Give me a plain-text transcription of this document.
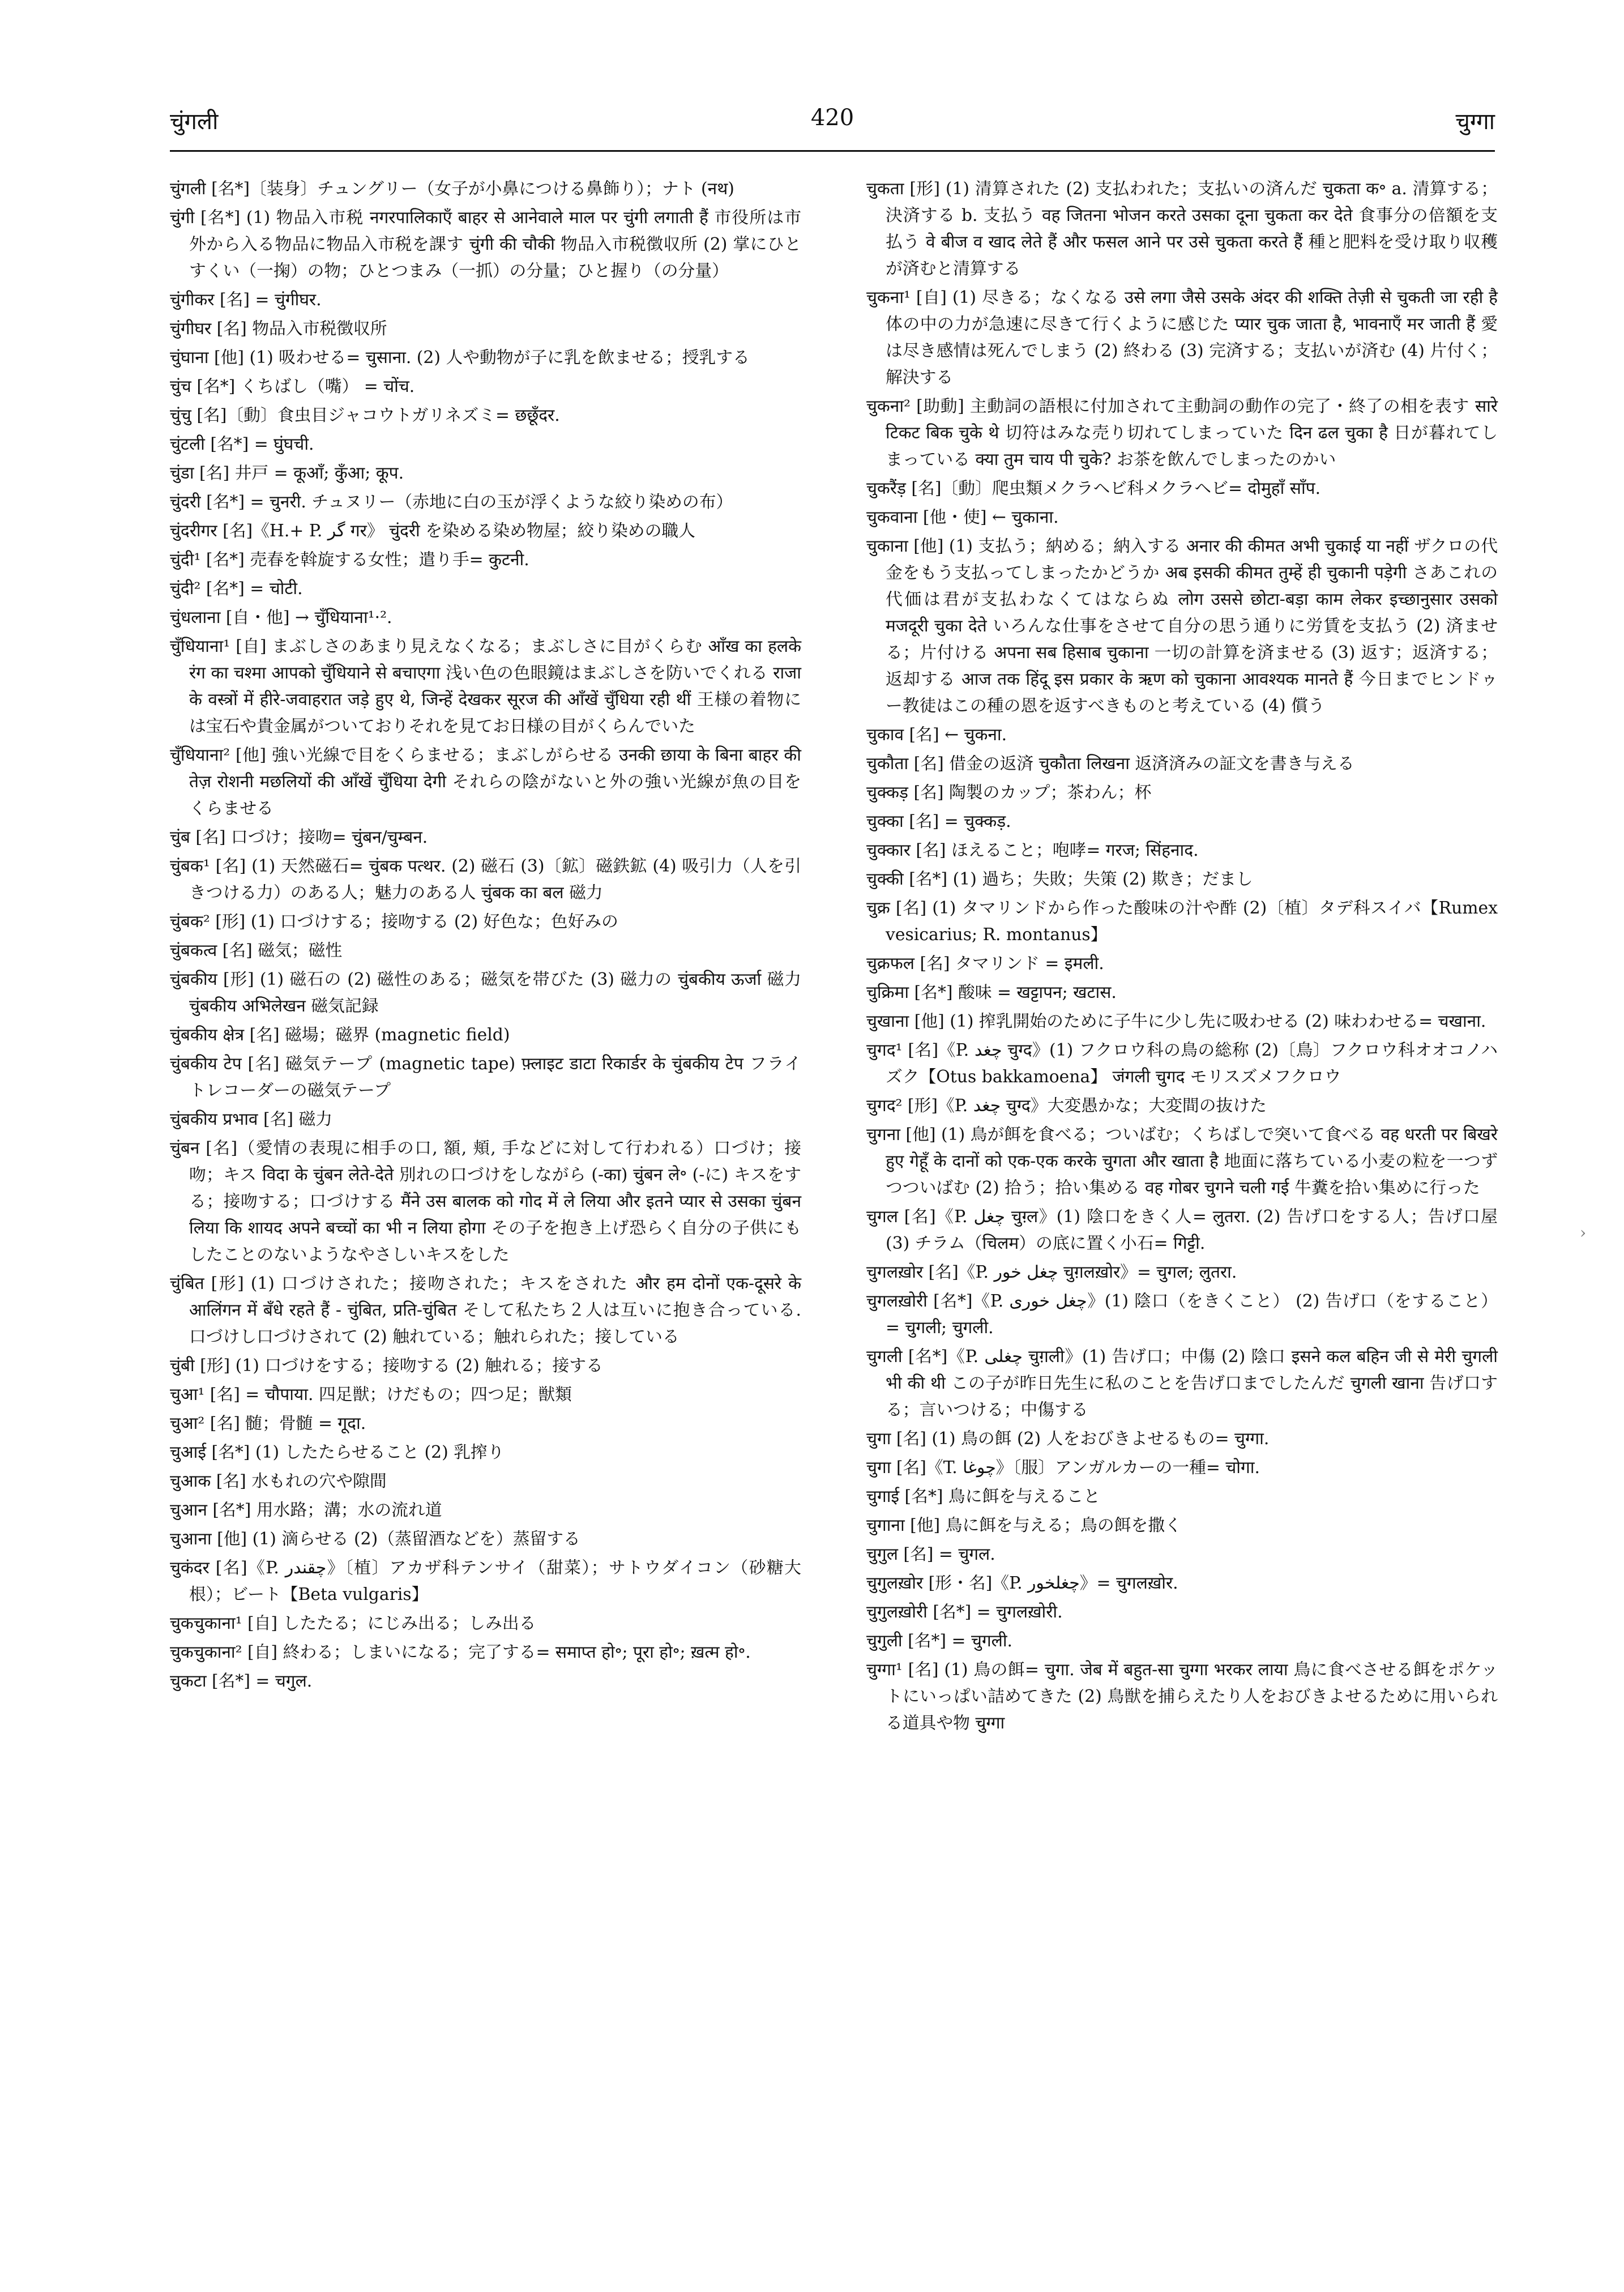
चुंगली	420	चुग्गा

चुंगली [名*]〔装身〕チュングリー（女子が小鼻につける鼻飾り）；ナト (नथ)

चुंगी [名*] (1) 物品入市税 नगरपालिकाएँ बाहर से आनेवाले माल पर चुंगी लगाती हैं 市役所は市外から入る物品に物品入市税を課す चुंगी की चौकी 物品入市税徴収所 (2) 掌にひとすくい（一掬）の物；ひとつまみ（一抓）の分量；ひと握り（の分量）

चुंगीकर [名] = चुंगीघर.

चुंगीघर [名] 物品入市税徴収所

चुंघाना [他] (1) 吸わせる= चुसाना. (2) 人や動物が子に乳を飲ませる；授乳する

चुंच [名*] くちばし（嘴） = चोंच.

चुंचु [名]〔動〕食虫目ジャコウトガリネズミ= छछूँदर.

चुंटली [名*] = घुंघची.

चुंडा [名] 井戸 = कूआँ; कुँआ; कूप.

चुंदरी [名*] = चुनरी. チュヌリー（赤地に白の玉が浮くような絞り染めの布）

चुंदरीगर [名]《H.+ P. گر गर》 चुंदरी を染める染め物屋；絞り染めの職人

चुंदी¹ [名*] 売春を斡旋する女性；遣り手= कुटनी.

चुंदी² [名*] = चोटी.

चुंधलाना [自・他] → चुँधियाना¹·².

चुँधियाना¹ [自] まぶしさのあまり見えなくなる；まぶしさに目がくらむ आँख का हलके रंग का चश्मा आपको चुँधियाने से बचाएगा 浅い色の色眼鏡はまぶしさを防いでくれる राजा के वस्त्रों में हीरे-जवाहरात जड़े हुए थे, जिन्हें देखकर सूरज की आँखें चुँधिया रही थीं 王様の着物には宝石や貴金属がついておりそれを見てお日様の目がくらんでいた

चुँधियाना² [他] 強い光線で目をくらませる；まぶしがらせる उनकी छाया के बिना बाहर की तेज़ रोशनी मछलियों की आँखें चुँधिया देगी それらの陰がないと外の強い光線が魚の目をくらませる

चुंब [名] 口づけ；接吻= चुंबन/चुम्बन.

चुंबक¹ [名] (1) 天然磁石= चुंबक पत्थर. (2) 磁石 (3)〔鉱〕磁鉄鉱 (4) 吸引力（人を引きつける力）のある人；魅力のある人 चुंबक का बल 磁力

चुंबक² [形] (1) 口づけする；接吻する (2) 好色な；色好みの

चुंबकत्व [名] 磁気；磁性

चुंबकीय [形] (1) 磁石の (2) 磁性のある；磁気を帯びた (3) 磁力の चुंबकीय ऊर्जा 磁力 चुंबकीय अभिलेखन 磁気記録

चुंबकीय क्षेत्र [名] 磁場；磁界 (magnetic field)

चुंबकीय टेप [名] 磁気テープ (magnetic tape) फ़्लाइट डाटा रिकार्डर के चुंबकीय टेप フライトレコーダーの磁気テープ

चुंबकीय प्रभाव [名] 磁力

चुंबन [名]（愛情の表現に相手の口, 額, 頬, 手などに対して行われる）口づけ；接吻；キス विदा के चुंबन लेते-देते 別れの口づけをしながら (-का) चुंबन ले॰ (-に) キスをする；接吻する；口づけする मैंने उस बालक को गोद में ले लिया और इतने प्यार से उसका चुंबन लिया कि शायद अपने बच्चों का भी न लिया होगा その子を抱き上げ恐らく自分の子供にもしたことのないようなやさしいキスをした

चुंबित [形] (1) 口づけされた；接吻された；キスをされた और हम दोनों एक-दूसरे के आलिंगन में बँधे रहते हैं - चुंबित, प्रति-चुंबित そして私たち２人は互いに抱き合っている. 口づけし口づけされて (2) 触れている；触れられた；接している

चुंबी [形] (1) 口づけをする；接吻する (2) 触れる；接する

चुआ¹ [名] = चौपाया. 四足獣；けだもの；四つ足；獣類

चुआ² [名] 髄；骨髄 = गूदा.

चुआई [名*] (1) したたらせること (2) 乳搾り

चुआक [名] 水もれの穴や隙間

चुआन [名*] 用水路；溝；水の流れ道

चुआना [他] (1) 滴らせる (2)（蒸留酒などを）蒸留する

चुकंदर [名]《P. چقندر》〔植〕アカザ科テンサイ（甜菜）；サトウダイコン（砂糖大根）；ビート【Beta vulgaris】

चुकचुकाना¹ [自] したたる；にじみ出る；しみ出る

चुकचुकाना² [自] 終わる；しまいになる；完了する= समाप्त हो॰; पूरा हो॰; ख़त्म हो॰.

चुकटा [名*] = चगुल.

चुकता [形] (1) 清算された (2) 支払われた；支払いの済んだ चुकता क॰ a. 清算する；決済する b. 支払う वह जितना भोजन करते उसका दूना चुकता कर देते 食事分の倍額を支払う वे बीज व खाद लेते हैं और फसल आने पर उसे चुकता करते हैं 種と肥料を受け取り収穫が済むと清算する

चुकना¹ [自] (1) 尽きる；なくなる उसे लगा जैसे उसके अंदर की शक्ति तेज़ी से चुकती जा रही है 体の中の力が急速に尽きて行くように感じた प्यार चुक जाता है, भावनाएँ मर जाती हैं 愛は尽き感情は死んでしまう (2) 終わる (3) 完済する；支払いが済む (4) 片付く；解決する

चुकना² [助動] 主動詞の語根に付加されて主動詞の動作の完了・終了の相を表す सारे टिकट बिक चुके थे 切符はみな売り切れてしまっていた दिन ढल चुका है 日が暮れてしまっている क्या तुम चाय पी चुके? お茶を飲んでしまったのかい

चुकरैंड़ [名]〔動〕爬虫類メクラヘビ科メクラヘビ= दोमुहाँ साँप.

चुकवाना [他・使] ← चुकाना.

चुकाना [他] (1) 支払う；納める；納入する अनार की कीमत अभी चुकाई या नहीं ザクロの代金をもう支払ってしまったかどうか अब इसकी कीमत तुम्हें ही चुकानी पड़ेगी さあこれの代価は君が支払わなくてはならぬ लोग उससे छोटा-बड़ा काम लेकर इच्छानुसार उसको मजदूरी चुका देते いろんな仕事をさせて自分の思う通りに労賃を支払う (2) 済ませる；片付ける अपना सब हिसाब चुकाना 一切の計算を済ませる (3) 返す；返済する；返却する आज तक हिंदू इस प्रकार के ऋण को चुकाना आवश्यक मानते हैं 今日までヒンドゥー教徒はこの種の恩を返すべきものと考えている (4) 償う

चुकाव [名] ← चुकना.

चुकौता [名] 借金の返済 चुकौता लिखना 返済済みの証文を書き与える

चुक्कड़ [名] 陶製のカップ；茶わん；杯

चुक्का [名] = चुक्कड़.

चुक्कार [名] ほえること；咆哮= गरज; सिंहनाद.

चुक्की [名*] (1) 過ち；失敗；失策 (2) 欺き；だまし

चुक्र [名] (1) タマリンドから作った酸味の汁や酢 (2)〔植〕タデ科スイバ【Rumex vesicarius; R. montanus】

चुक्रफल [名] タマリンド = इमली.

चुक्रिमा [名*] 酸味 = खट्टापन; खटास.

चुखाना [他] (1) 搾乳開始のために子牛に少し先に吸わせる (2) 味わわせる= चखाना.

चुगद¹ [名]《P. چغد चुग्द》(1) フクロウ科の鳥の総称 (2)〔鳥〕フクロウ科オオコノハズク【Otus bakkamoena】 जंगली चुगद モリスズメフクロウ

चुगद² [形]《P. چغد चुग्द》大変愚かな；大変間の抜けた

चुगना [他] (1) 鳥が餌を食べる；ついばむ；くちばしで突いて食べる वह धरती पर बिखरे हुए गेहूँ के दानों को एक-एक करके चुगता और खाता है 地面に落ちている小麦の粒を一つずつついばむ (2) 拾う；拾い集める वह गोबर चुगने चली गई 牛糞を拾い集めに行った

चुगल [名]《P. چغل चुग़्ल》(1) 陰口をきく人= लुतरा. (2) 告げ口をする人；告げ口屋 (3) チラム（चिलम）の底に置く小石= गिट्टी.

चुगलख़ोर [名]《P. چغل خور चुग़लख़ोर》= चुगल; लुतरा.

चुगलख़ोरी [名*]《P. چغل خوری》(1) 陰口（をきくこと） (2) 告げ口（をすること）= चुगली; चुगली.

चुगली [名*]《P. چغلی चुग़ली》(1) 告げ口；中傷 (2) 陰口 इसने कल बहिन जी से मेरी चुगली भी की थी この子が昨日先生に私のことを告げ口までしたんだ चुगली खाना 告げ口する；言いつける；中傷する

चुगा [名] (1) 鳥の餌 (2) 人をおびきよせるもの= चुग्गा.

चुगा [名]《T. چوغا》〔服〕アンガルカーの一種= चोगा.

चुगाई [名*] 鳥に餌を与えること

चुगाना [他] 鳥に餌を与える；鳥の餌を撒く

चुगुल [名] = चुगल.

चुगुलख़ोर [形・名]《P. چغلخور》= चुगलख़ोर.

चुगुलख़ोरी [名*] = चुगलख़ोरी.

चुगुली [名*] = चुगली.

चुग्गा¹ [名] (1) 鳥の餌= चुगा. जेब में बहुत-सा चुग्गा भरकर लाया 鳥に食べさせる餌をポケットにいっぱい詰めてきた (2) 鳥獣を捕らえたり人をおびきよせるために用いられる道具や物 चुग्गा

›
